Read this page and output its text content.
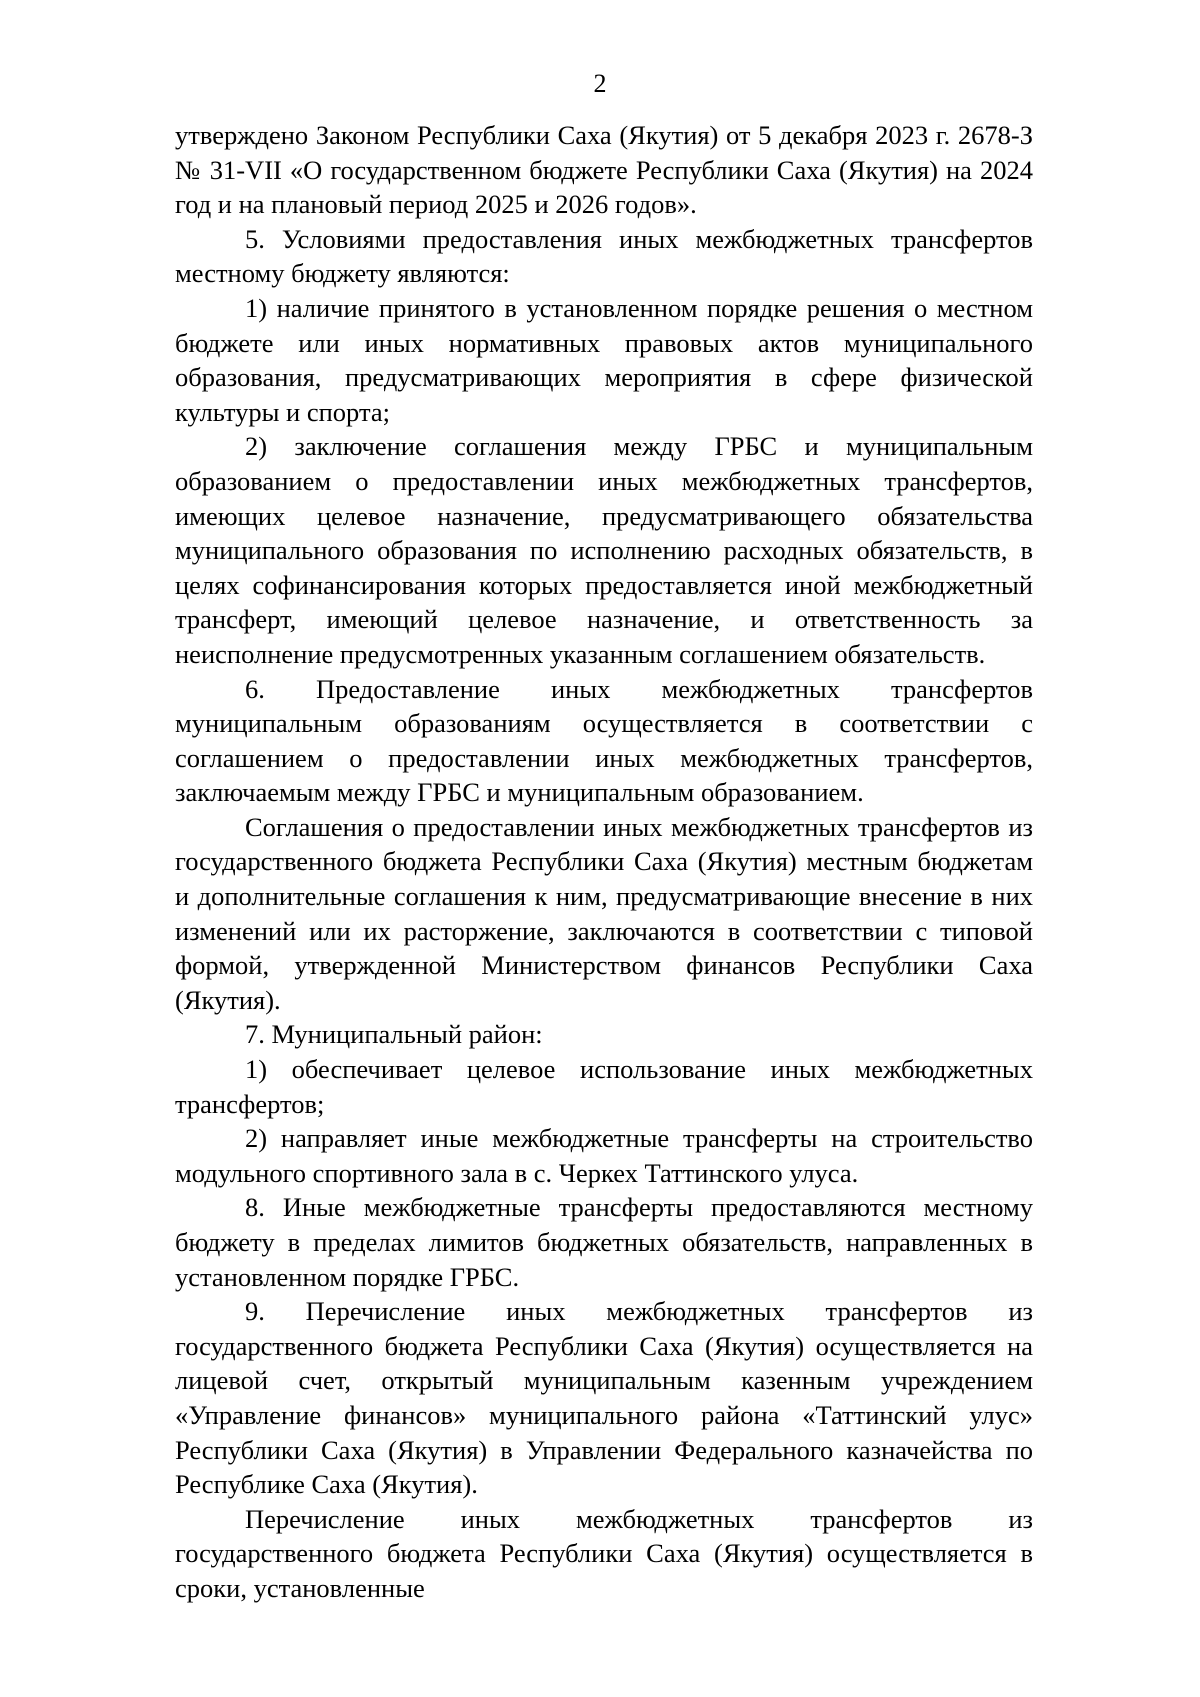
2

утверждено Законом Республики Саха (Якутия) от 5 декабря 2023 г. 2678-З № 31-VII «О государственном бюджете Республики Саха (Якутия) на 2024 год и на плановый период 2025 и 2026 годов».

5. Условиями предоставления иных межбюджетных трансфертов местному бюджету являются:

1) наличие принятого в установленном порядке решения о местном бюджете или иных нормативных правовых актов муниципального образования, предусматривающих мероприятия в сфере физической культуры и спорта;

2) заключение соглашения между ГРБС и муниципальным образованием о предоставлении иных межбюджетных трансфертов, имеющих целевое назначение, предусматривающего обязательства муниципального образования по исполнению расходных обязательств, в целях софинансирования которых предоставляется иной межбюджетный трансферт, имеющий целевое назначение, и ответственность за неисполнение предусмотренных указанным соглашением обязательств.

6. Предоставление иных межбюджетных трансфертов муниципальным образованиям осуществляется в соответствии с соглашением о предоставлении иных межбюджетных трансфертов, заключаемым между ГРБС и муниципальным образованием.

Соглашения о предоставлении иных межбюджетных трансфертов из государственного бюджета Республики Саха (Якутия) местным бюджетам и дополнительные соглашения к ним, предусматривающие внесение в них изменений или их расторжение, заключаются в соответствии с типовой формой, утвержденной Министерством финансов Республики Саха (Якутия).

7. Муниципальный район:

1) обеспечивает целевое использование иных межбюджетных трансфертов;

2) направляет иные межбюджетные трансферты на строительство модульного спортивного зала в с. Черкех Таттинского улуса.

8. Иные межбюджетные трансферты предоставляются местному бюджету в пределах лимитов бюджетных обязательств, направленных в установленном порядке ГРБС.

9. Перечисление иных межбюджетных трансфертов из государственного бюджета Республики Саха (Якутия) осуществляется на лицевой счет, открытый муниципальным казенным учреждением «Управление финансов» муниципального района «Таттинский улус» Республики Саха (Якутия) в Управлении Федерального казначейства по Республике Саха (Якутия).

Перечисление иных межбюджетных трансфертов из государственного бюджета Республики Саха (Якутия) осуществляется в сроки, установленные
